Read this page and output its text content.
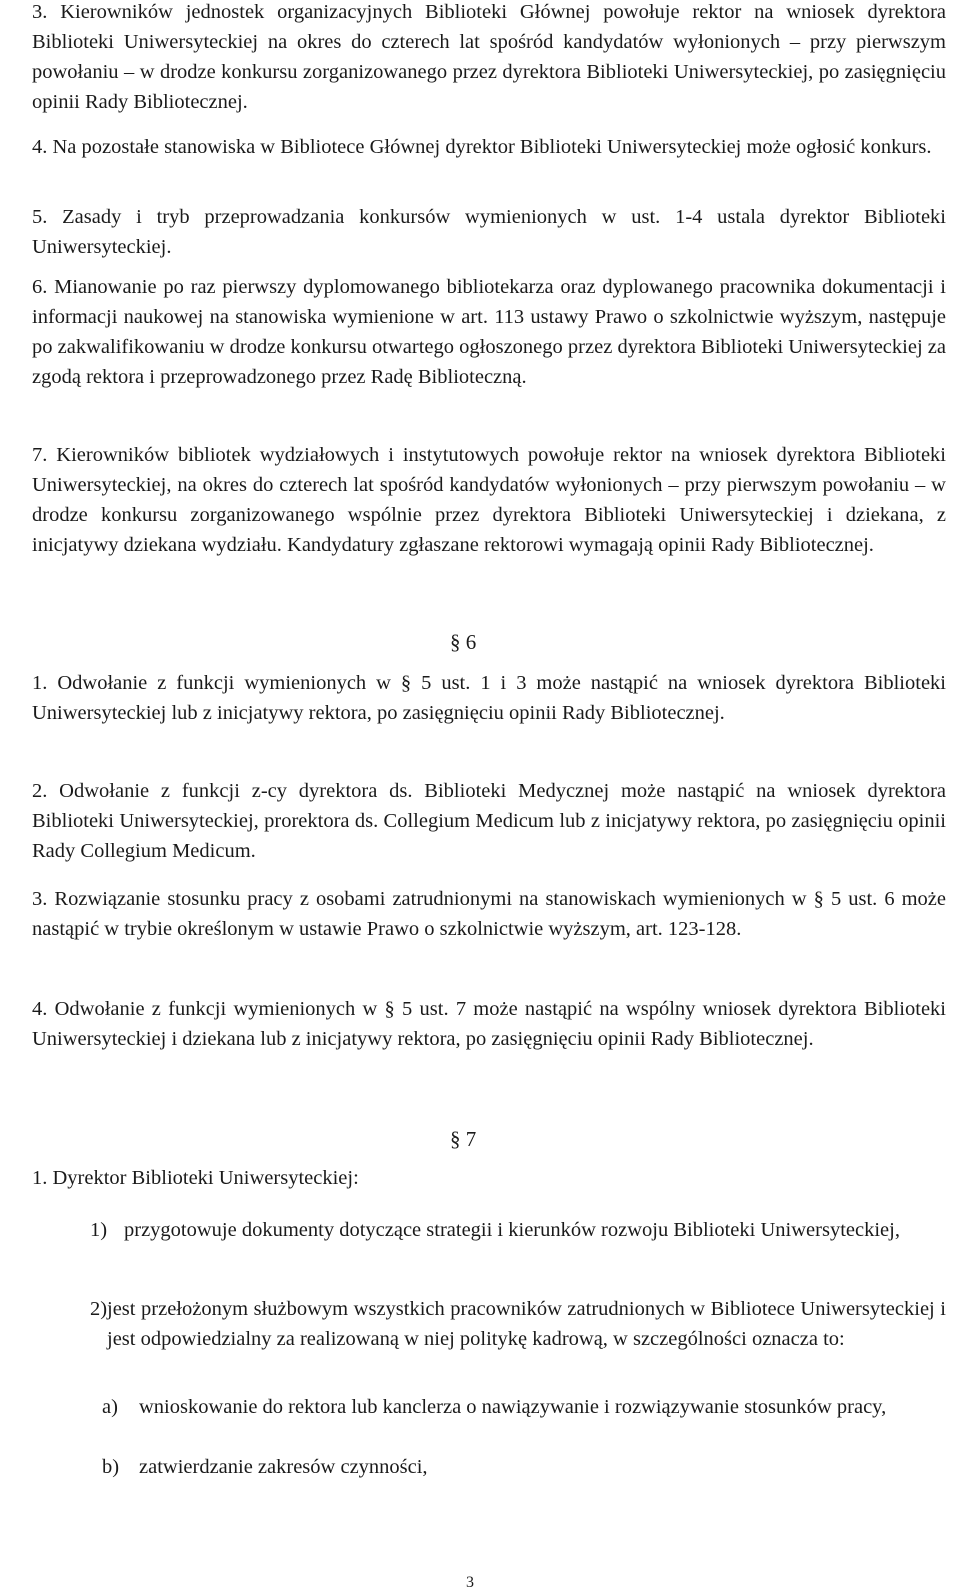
3. Kierowników jednostek organizacyjnych Biblioteki Głównej powołuje rektor na wniosek dyrektora Biblioteki Uniwersyteckiej na okres do czterech lat spośród kandydatów wyłonionych – przy pierwszym powołaniu – w drodze konkursu zorganizowanego przez dyrektora Biblioteki Uniwersyteckiej, po zasięgnięciu opinii Rady Bibliotecznej.

4. Na pozostałe stanowiska w Bibliotece Głównej dyrektor Biblioteki Uniwersyteckiej może ogłosić konkurs.

5. Zasady i tryb przeprowadzania konkursów wymienionych w ust. 1-4 ustala dyrektor Biblioteki Uniwersyteckiej.

6. Mianowanie po raz pierwszy dyplomowanego bibliotekarza oraz dyplowanego pracownika dokumentacji i informacji naukowej na stanowiska wymienione w art. 113 ustawy Prawo o szkolnictwie wyższym, następuje po zakwalifikowaniu w drodze konkursu otwartego ogłoszonego przez dyrektora Biblioteki Uniwersyteckiej za zgodą rektora i przeprowadzonego przez Radę Biblioteczną.

7. Kierowników bibliotek wydziałowych i instytutowych powołuje rektor na wniosek dyrektora Biblioteki Uniwersyteckiej, na okres do czterech lat spośród kandydatów wyłonionych – przy pierwszym powołaniu – w drodze konkursu zorganizowanego wspólnie przez dyrektora Biblioteki Uniwersyteckiej i dziekana, z inicjatywy dziekana wydziału. Kandydatury zgłaszane rektorowi wymagają opinii Rady Bibliotecznej.

§ 6

1. Odwołanie z funkcji wymienionych w § 5 ust. 1 i 3 może nastąpić na wniosek dyrektora Biblioteki Uniwersyteckiej lub z inicjatywy rektora, po zasięgnięciu opinii Rady Bibliotecznej.

2. Odwołanie z funkcji z-cy dyrektora ds. Biblioteki Medycznej może nastąpić na wniosek dyrektora Biblioteki Uniwersyteckiej, prorektora ds. Collegium Medicum lub z inicjatywy rektora, po zasięgnięciu opinii Rady Collegium Medicum.

3. Rozwiązanie stosunku pracy z osobami zatrudnionymi na stanowiskach wymienionych w § 5 ust. 6 może nastąpić w trybie określonym w ustawie Prawo o szkolnictwie wyższym, art. 123-128.

4. Odwołanie z funkcji wymienionych w § 5 ust. 7 może nastąpić na wspólny wniosek dyrektora Biblioteki Uniwersyteckiej i dziekana lub z inicjatywy rektora, po zasięgnięciu opinii Rady Bibliotecznej.

§ 7

1. Dyrektor Biblioteki Uniwersyteckiej:

1) przygotowuje dokumenty dotyczące strategii i kierunków rozwoju Biblioteki Uniwersyteckiej,

2) jest przełożonym służbowym wszystkich pracowników zatrudnionych w Bibliotece Uniwersyteckiej i jest odpowiedzialny za realizowaną w niej politykę kadrową, w szczególności oznacza to:

a) wnioskowanie do rektora lub kanclerza o nawiązywanie i rozwiązywanie stosunków pracy,

b) zatwierdzanie zakresów czynności,

3
